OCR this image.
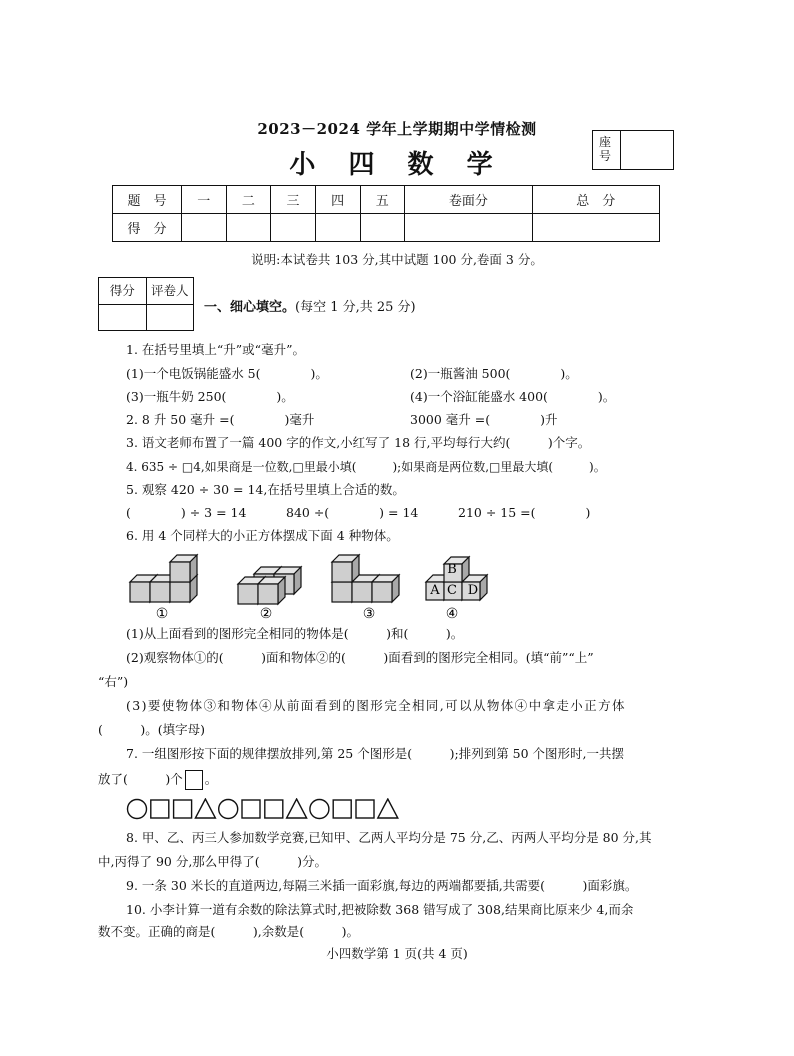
2023－2024 学年上学期期中学情检测
小 四 数 学
座号
题　号	一	二	三	四	五	卷面分	总　分
得　分							
说明:本试卷共 103 分,其中试题 100 分,卷面 3 分。
得分	评卷人
一、细心填空。(每空 1 分,共 25 分)
1. 在括号里填上“升”或“毫升”。
(1)一个电饭锅能盛水 5(　　　　)。	(2)一瓶酱油 500(　　　　)。
(3)一瓶牛奶 250(　　　　)。	(4)一个浴缸能盛水 400(　　　　)。
2. 8 升 50 毫升 =(　　　　)毫升	3000 毫升 =(　　　　)升
3. 语文老师布置了一篇 400 字的作文,小红写了 18 行,平均每行大约(　　　)个字。
4. 635 ÷ □4,如果商是一位数,□里最小填(　　　);如果商是两位数,□里最大填(　　　)。
5. 观察 420 ÷ 30 = 14,在括号里填上合适的数。
(　　　　) ÷ 3 = 14	840 ÷(　　　　) = 14	210 ÷ 15 =(　　　　)
6. 用 4 个同样大的小正方体摆成下面 4 种物体。
①	②	③	④
B
A C D
(1)从上面看到的图形完全相同的物体是(　　　)和(　　　)。
(2)观察物体①的(　　　)面和物体②的(　　　)面看到的图形完全相同。(填“前”“上”
“右”)
(3)要使物体③和物体④从前面看到的图形完全相同,可以从物体④中拿走小正方体
(　　　)。(填字母)
7. 一组图形按下面的规律摆放排列,第 25 个图形是(　　　);排列到第 50 个图形时,一共摆
放了(　　　)个 。
8. 甲、乙、丙三人参加数学竞赛,已知甲、乙两人平均分是 75 分,乙、丙两人平均分是 80 分,其
中,丙得了 90 分,那么甲得了(　　　)分。
9. 一条 30 米长的直道两边,每隔三米插一面彩旗,每边的两端都要插,共需要(　　　)面彩旗。
10. 小李计算一道有余数的除法算式时,把被除数 368 错写成了 308,结果商比原来少 4,而余
数不变。正确的商是(　　　),余数是(　　　)。
小四数学第 1 页(共 4 页)
